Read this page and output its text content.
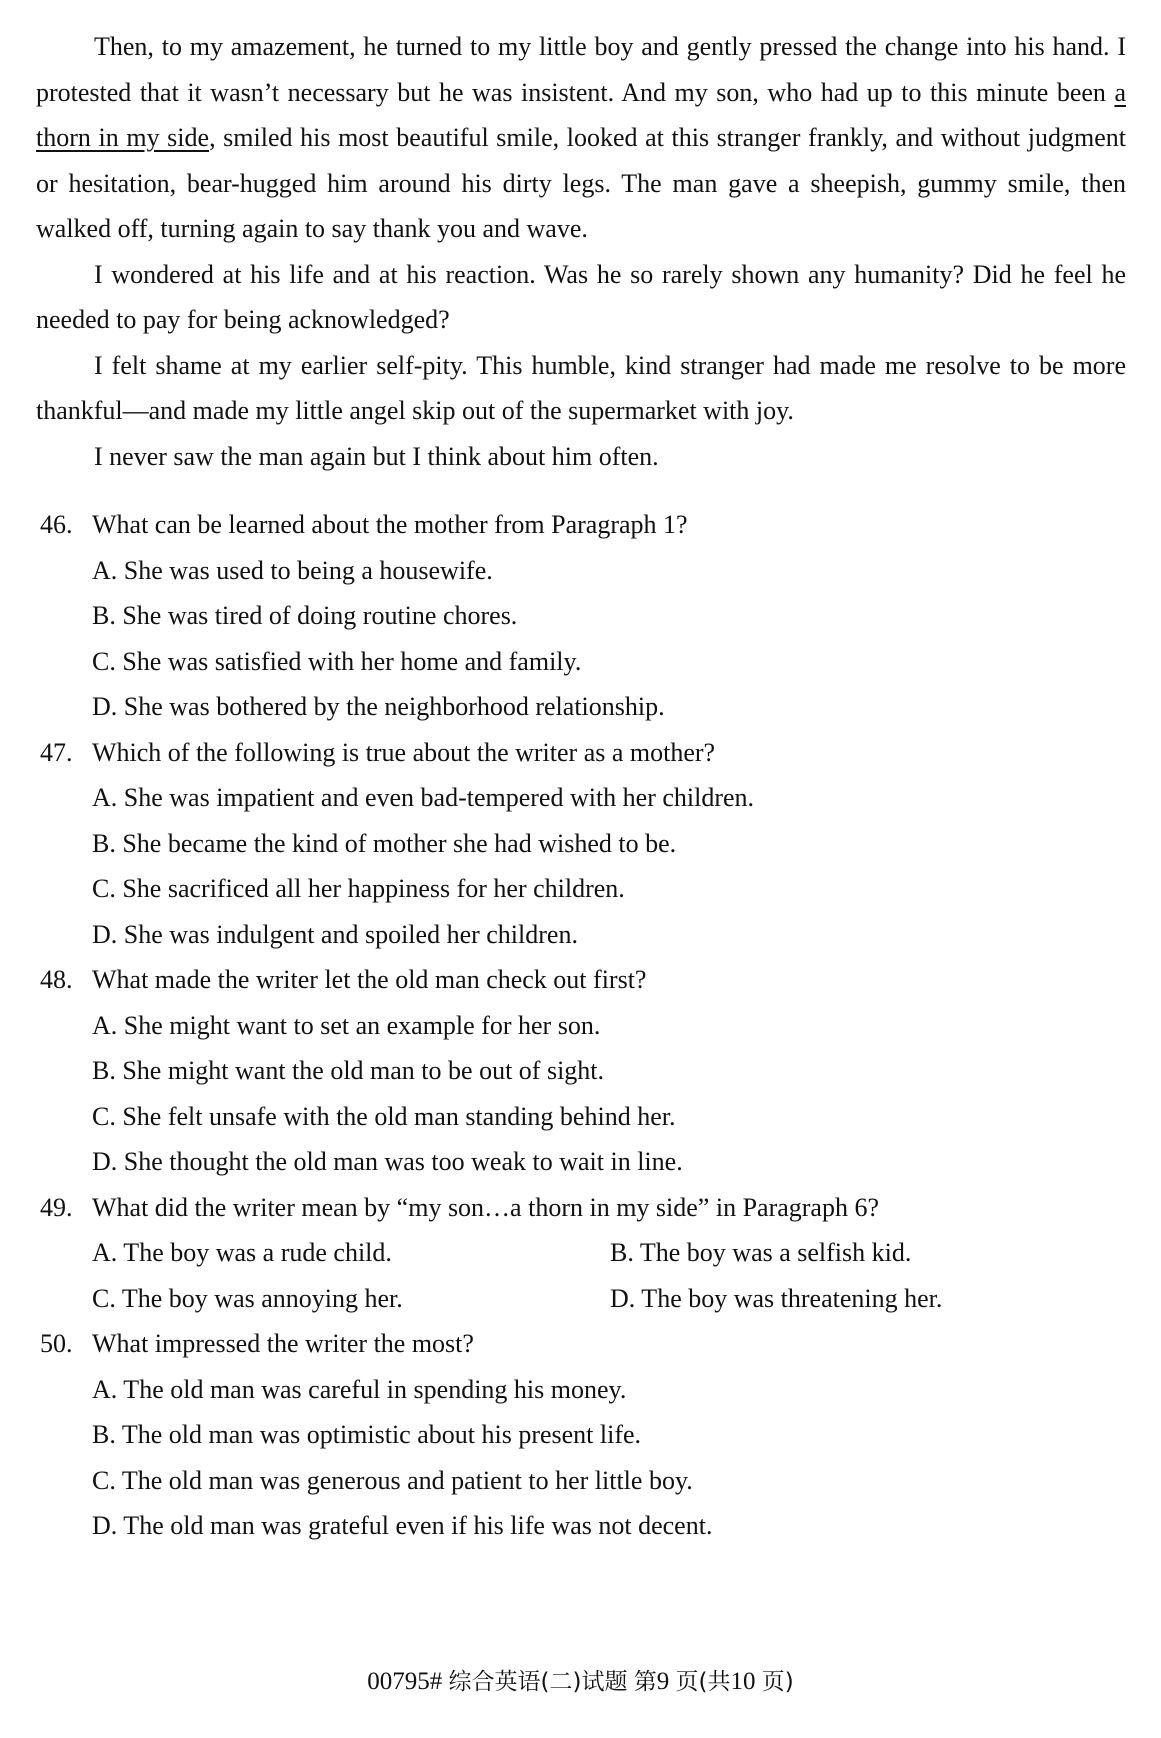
Then, to my amazement, he turned to my little boy and gently pressed the change into his hand. I protested that it wasn’t necessary but he was insistent. And my son, who had up to this minute been a thorn in my side, smiled his most beautiful smile, looked at this stranger frankly, and without judgment or hesitation, bear-hugged him around his dirty legs. The man gave a sheepish, gummy smile, then walked off, turning again to say thank you and wave.

I wondered at his life and at his reaction. Was he so rarely shown any humanity? Did he feel he needed to pay for being acknowledged?

I felt shame at my earlier self-pity. This humble, kind stranger had made me resolve to be more thankful—and made my little angel skip out of the supermarket with joy.

I never saw the man again but I think about him often.

46. What can be learned about the mother from Paragraph 1?
A. She was used to being a housewife.
B. She was tired of doing routine chores.
C. She was satisfied with her home and family.
D. She was bothered by the neighborhood relationship.
47. Which of the following is true about the writer as a mother?
A. She was impatient and even bad-tempered with her children.
B. She became the kind of mother she had wished to be.
C. She sacrificed all her happiness for her children.
D. She was indulgent and spoiled her children.
48. What made the writer let the old man check out first?
A. She might want to set an example for her son.
B. She might want the old man to be out of sight.
C. She felt unsafe with the old man standing behind her.
D. She thought the old man was too weak to wait in line.
49. What did the writer mean by “my son…a thorn in my side” in Paragraph 6?
A. The boy was a rude child.	B. The boy was a selfish kid.
C. The boy was annoying her.	D. The boy was threatening her.
50. What impressed the writer the most?
A. The old man was careful in spending his money.
B. The old man was optimistic about his present life.
C. The old man was generous and patient to her little boy.
D. The old man was grateful even if his life was not decent.
00795# 综合英语(二)试题 第9 页(共10 页)
